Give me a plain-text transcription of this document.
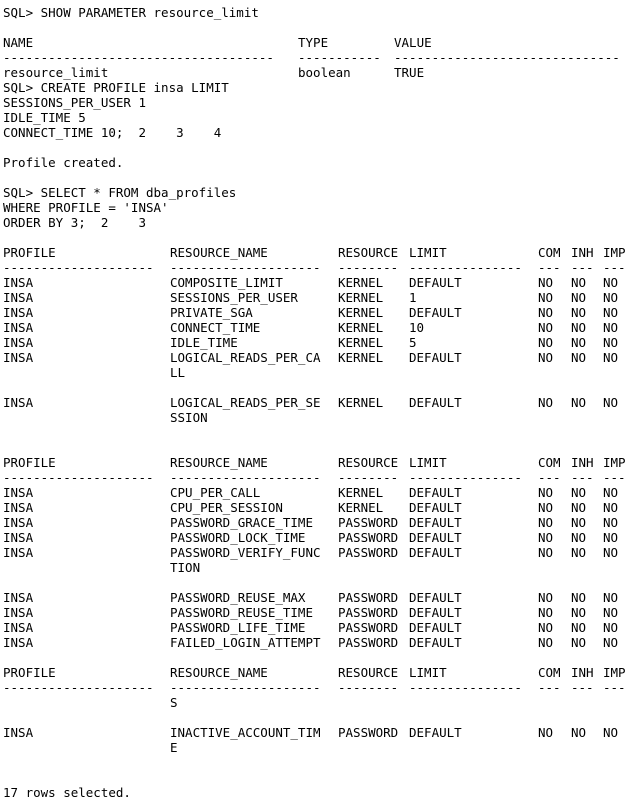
SQL> SHOW PARAMETER resource_limit
NAME	TYPE	VALUE
------------------------------------ ----------- ------------------------------
resource_limit	boolean	TRUE
SQL> CREATE PROFILE insa LIMIT
SESSIONS_PER_USER 1
IDLE_TIME 5
CONNECT_TIME 10;  2    3    4
Profile created.
SQL> SELECT * FROM dba_profiles
WHERE PROFILE = 'INSA'
ORDER BY 3;  2    3
PROFILE	RESOURCE_NAME	RESOURCE LIMIT	COM INH IMP
-------------------- -------------------- -------- --------------- --- --- ---
INSA	COMPOSITE_LIMIT	KERNEL DEFAULT	NO NO NO
INSA	SESSIONS_PER_USER	KERNEL 1	NO NO NO
INSA	PRIVATE_SGA	KERNEL DEFAULT	NO NO NO
INSA	CONNECT_TIME	KERNEL 10	NO NO NO
INSA	IDLE_TIME	KERNEL 5	NO NO NO
INSA	LOGICAL_READS_PER_CA KERNEL DEFAULT	NO NO NO
LL
INSA	LOGICAL_READS_PER_SE KERNEL DEFAULT	NO NO NO
SSION
PROFILE	RESOURCE_NAME	RESOURCE LIMIT	COM INH IMP
-------------------- -------------------- -------- --------------- --- --- ---
INSA	CPU_PER_CALL	KERNEL DEFAULT	NO NO NO
INSA	CPU_PER_SESSION	KERNEL DEFAULT	NO NO NO
INSA	PASSWORD_GRACE_TIME PASSWORD DEFAULT	NO NO NO
INSA	PASSWORD_LOCK_TIME	PASSWORD DEFAULT	NO NO NO
INSA	PASSWORD_VERIFY_FUNC PASSWORD DEFAULT	NO NO NO
TION
INSA	PASSWORD_REUSE_MAX	PASSWORD DEFAULT	NO NO NO
INSA	PASSWORD_REUSE_TIME PASSWORD DEFAULT	NO NO NO
INSA	PASSWORD_LIFE_TIME	PASSWORD DEFAULT	NO NO NO
INSA	FAILED_LOGIN_ATTEMPT PASSWORD DEFAULT	NO NO NO
PROFILE	RESOURCE_NAME	RESOURCE LIMIT	COM INH IMP
-------------------- -------------------- -------- --------------- --- --- ---
S
INSA	INACTIVE_ACCOUNT_TIM PASSWORD DEFAULT	NO NO NO
E
17 rows selected.
